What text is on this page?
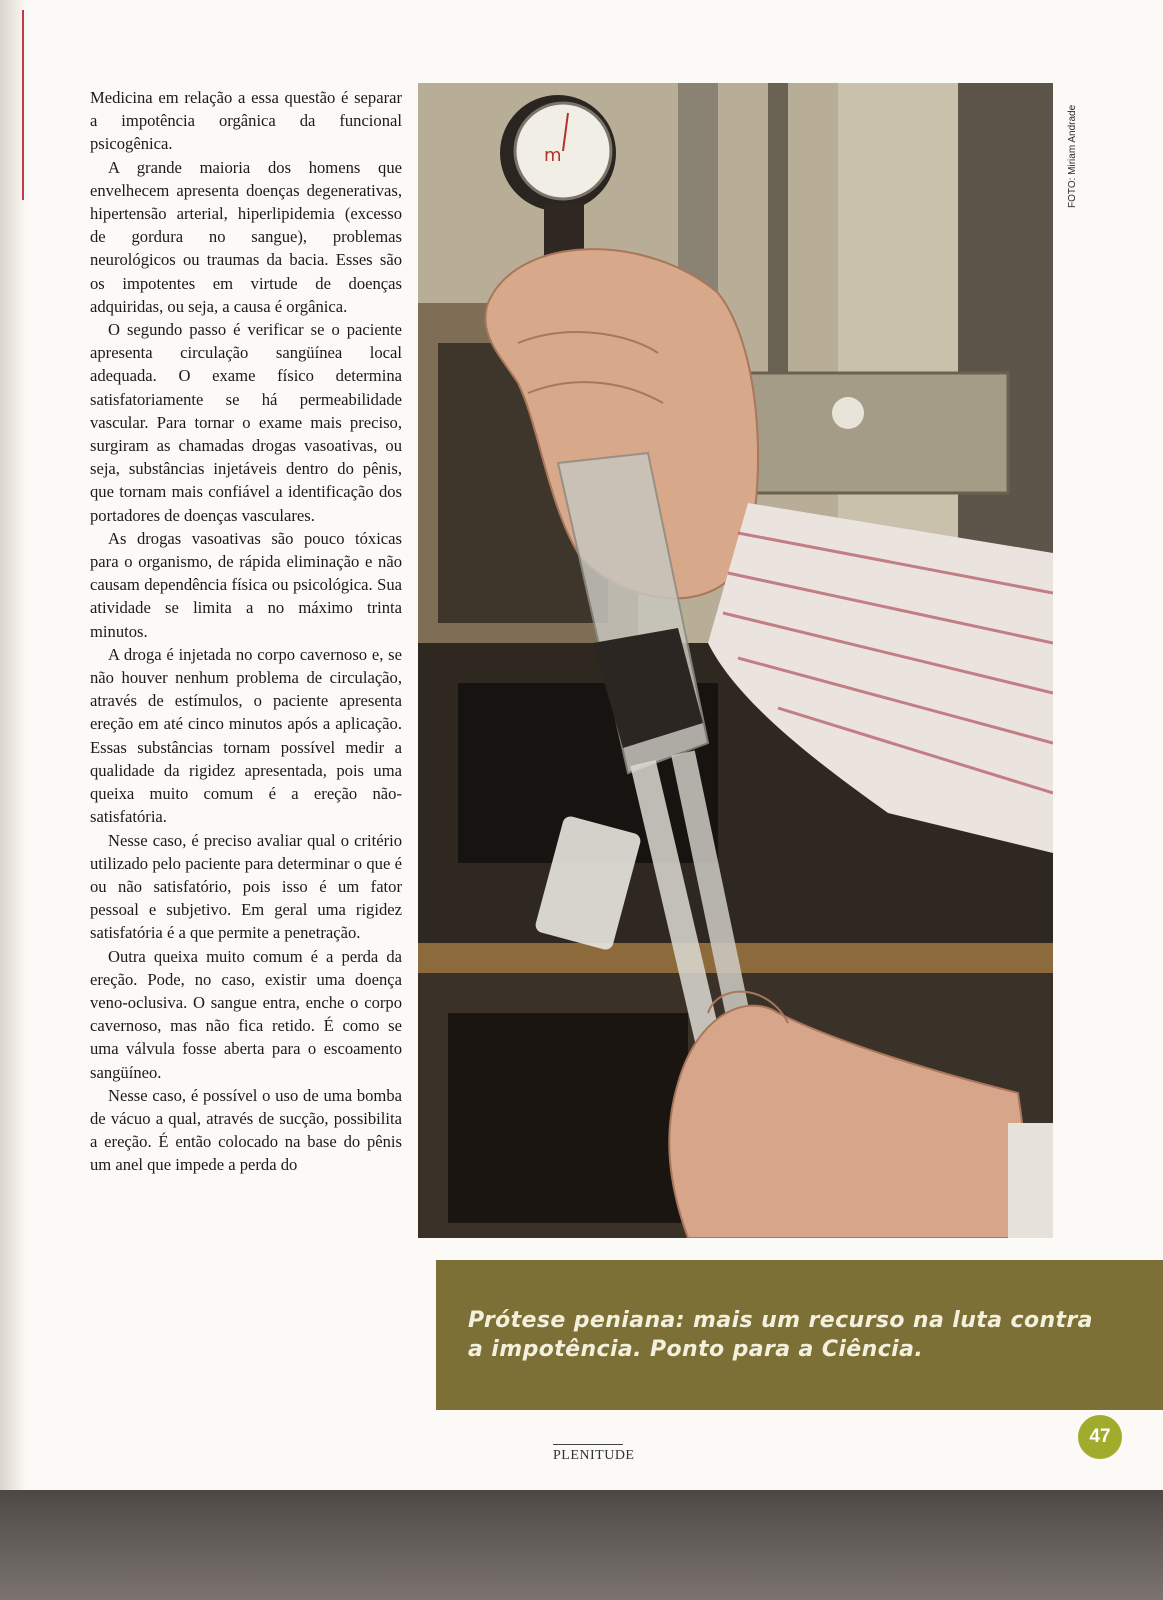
Medicina em relação a essa questão é separar a impotência orgânica da funcional psicogênica.

A grande maioria dos homens que envelhecem apresenta doenças degenerativas, hipertensão arterial, hiperlipidemia (excesso de gordura no sangue), problemas neurológicos ou traumas da bacia. Esses são os impotentes em virtude de doenças adquiridas, ou seja, a causa é orgânica.

O segundo passo é verificar se o paciente apresenta circulação sangüínea local adequada. O exame físico determina satisfatoriamente se há permeabilidade vascular. Para tornar o exame mais preciso, surgiram as chamadas drogas vasoativas, ou seja, substâncias injetáveis dentro do pênis, que tornam mais confiável a identificação dos portadores de doenças vasculares.

As drogas vasoativas são pouco tóxicas para o organismo, de rápida eliminação e não causam dependência física ou psicológica. Sua atividade se limita a no máximo trinta minutos.

A droga é injetada no corpo cavernoso e, se não houver nenhum problema de circulação, através de estímulos, o paciente apresenta ereção em até cinco minutos após a aplicação. Essas substâncias tornam possível medir a qualidade da rigidez apresentada, pois uma queixa muito comum é a ereção não-satisfatória.

Nesse caso, é preciso avaliar qual o critério utilizado pelo paciente para determinar o que é ou não satisfatório, pois isso é um fator pessoal e subjetivo. Em geral uma rigidez satisfatória é a que permite a penetração.

Outra queixa muito comum é a perda da ereção. Pode, no caso, existir uma doença veno-oclusiva. O sangue entra, enche o corpo cavernoso, mas não fica retido. É como se uma válvula fosse aberta para o escoamento sangüíneo.

Nesse caso, é possível o uso de uma bomba de vácuo a qual, através de sucção, possibilita a ereção. É então colocado na base do pênis um anel que impede a perda do

m	FOTO: Miriam Andrade
Prótese peniana: mais um recurso na luta contra a impotência. Ponto para a Ciência.
PLENITUDE
47
